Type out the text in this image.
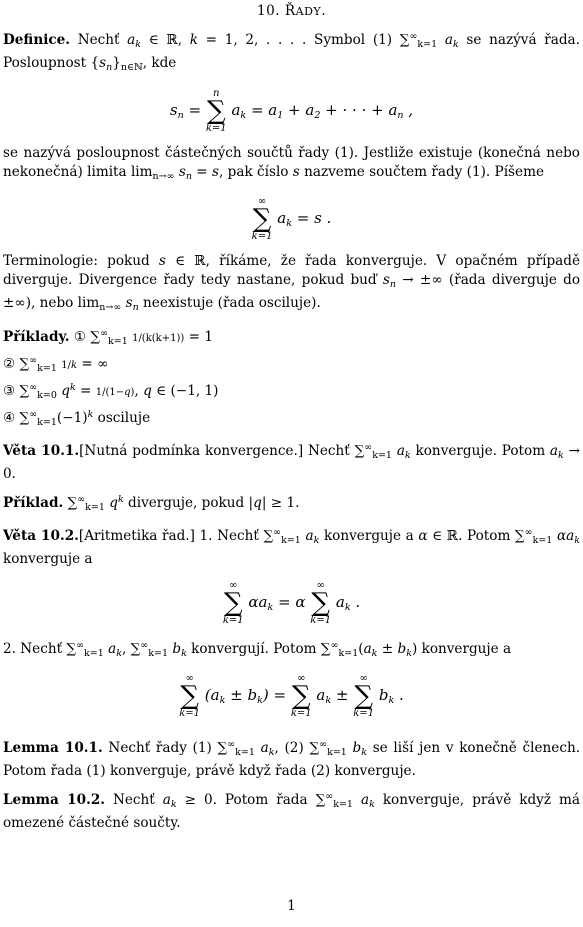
10. ŘADY.

Definice. Nechť $a_k$ ∈ ℝ, k = 1, 2, . . . . Symbol (1) $\sum^\infty_{k=1}$ $a_k$ se nazývá řada. Posloupnost $\{s_n\}_{n\in ℕ}$, kde

$s_n$ =
n
∑
k=1
$a_k = a_1 + a_2$ + · · · + $a_n$ ,

se nazývá posloupnost částečných součtů řady (1). Jestliže existuje (konečná nebo nekonečná) limita $\lim_{n\to\infty} s_n = s$, pak číslo s nazveme součtem řady (1). Píšeme

∞
∑
k=1
$a_k = s$ .

Terminologie: pokud s ∈ ℝ, říkáme, že řada konverguje. V opačném případě diverguje. Divergence řady tedy nastane, pokud buď $s_n$ → ±∞ (řada diverguje do ±∞), nebo $\lim_{n\to\infty} s_n$ neexistuje (řada osciluje).

Příklady. ① $\sum^\infty_{k=1}$ 1/(k(k+1)) = 1
② $\sum^\infty_{k=1}$ 1/k = ∞
③ $\sum^\infty_{k=0}$ $q^k = 1/(1-q)$, q ∈ (−1, 1)
④ $\sum^\infty_{k=1}(-1)^k$ osciluje

Věta 10.1.[Nutná podmínka konvergence.] Nechť $\sum^\infty_{k=1}$ $a_k$ konverguje. Potom $a_k \to 0$.

Příklad. $\sum^\infty_{k=1}$ $q^k$ diverguje, pokud |q| ≥ 1.

Věta 10.2.[Aritmetika řad.] 1. Nechť $\sum^\infty_{k=1}$ $a_k$ konverguje a α ∈ ℝ. Potom $\sum^\infty_{k=1}$ $\alpha a_k$ konverguje a

∞
∑
k=1
$\alpha a_k = \alpha$
∞
∑
k=1
$a_k$ .

2. Nechť $\sum^\infty_{k=1}$ $a_k$, $\sum^\infty_{k=1}$ $b_k$ konvergují. Potom $\sum^\infty_{k=1}(a_k \pm b_k)$ konverguje a

∞
∑
k=1
$(a_k \pm b_k)$ =
∞
∑
k=1
$a_k$ ±
∞
∑
k=1
$b_k$ .

Lemma 10.1. Nechť řady (1) $\sum^\infty_{k=1}$ $a_k$, (2) $\sum^\infty_{k=1}$ $b_k$ se liší jen v konečně členech. Potom řada (1) konverguje, právě když řada (2) konverguje.

Lemma 10.2. Nechť $a_k \ge 0$. Potom řada $\sum^\infty_{k=1}$ $a_k$ konverguje, právě když má omezené částečné součty.

1
